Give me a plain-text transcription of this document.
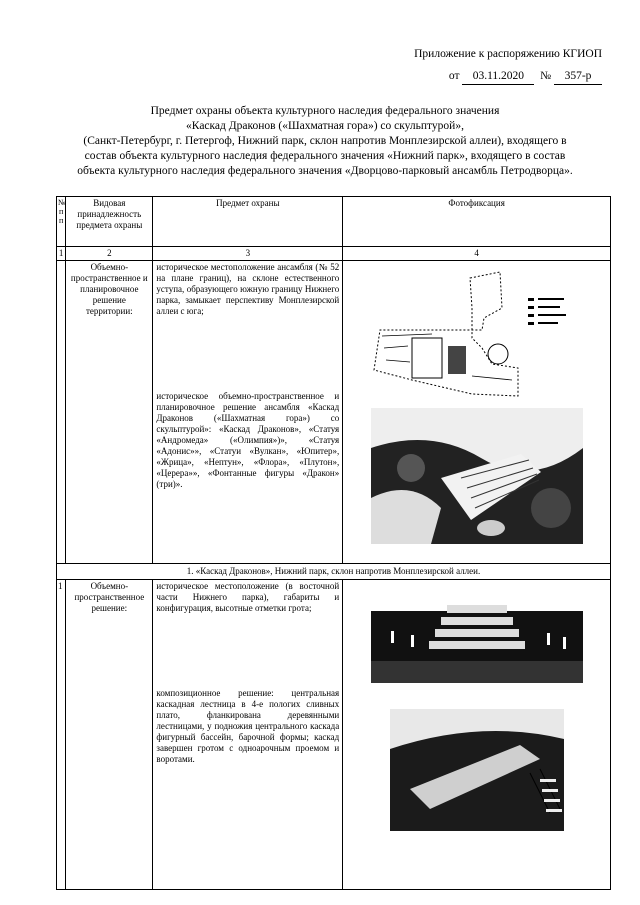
Приложение к распоряжению КГИОП
от 03.11.2020 № 357-р
Предмет охраны объекта культурного наследия федерального значения
«Каскад Драконов («Шахматная гора») со скульптурой»,
(Санкт-Петербург, г. Петергоф, Нижний парк, склон напротив Монплезирской аллеи), входящего в
состав объекта культурного наследия федерального значения «Нижний парк», входящего в состав
объекта культурного наследия федерального значения «Дворцово-парковый ансамбль Петродворца».
№ п п	Видовая принадлежность предмета охраны	Предмет охраны	Фотофиксация
1	2	3	4
	Объемно-пространственное и планировочное решение территории:	историческое местоположение ансамбля (№ 52 на плане границ), на склоне естественного уступа, образующего южную границу Нижнего парка, замыкает перспективу Монплезирской аллеи с юга;
историческое объемно-пространственное и планировочное решение ансамбля «Каскад Драконов («Шахматная гора») со скульптурой»: «Каскад Драконов», «Статуя «Андромеда» («Олимпия»)», «Статуя «Адонис»», «Статуи «Вулкан», «Юпитер», «Жрица», «Нептун», «Флора», «Плутон», «Церера»», «Фонтанные фигуры «Дракон» (три)».

1. «Каскад Драконов», Нижний парк, склон напротив Монплезирской аллеи.			
1	Объемно-пространственное решение:	историческое местоположение (в восточной части Нижнего парка), габариты и конфигурация, высотные отметки грота;
композиционное решение: центральная каскадная лестница в 4-е пологих сливных плато, фланкирована деревянными лестницами, у подножия центрального каскада фигурный бассейн, барочной формы; каскад завершен гротом с одноарочным проемом и воротами.
